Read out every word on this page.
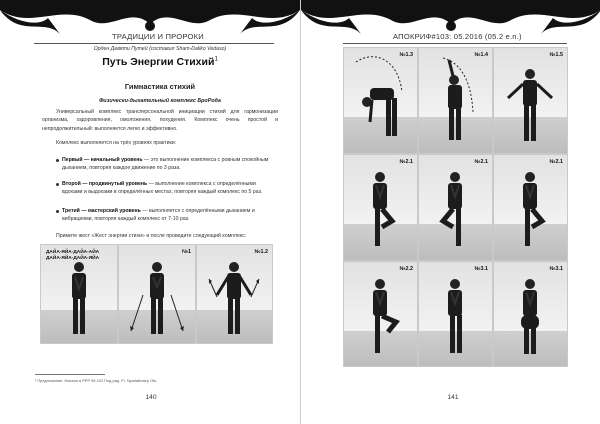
ТРАДИЦИИ И ПРОРОКИ
Орден Девяти Путей (составил Sham-Daliko Vedaso)
Путь Энергии Стихий$^1$
Гимнастика стихий
Физически-дыхательный комплекс БроРода
Универсальный комплекс трансперсональной инициации стихий для гармонизации организма, оздоровления, омоложения, похудения. Комплекс очень простой и непродолжительный: выполняется легко и эффективно.
Комплекс выполняется на трёх уровнях практики:
Первый — начальный уровень — это выполнение комплекса с ровным спокойным дыханием, повторяя каждое движение по 3 раза.
Второй — продвинутый уровень — выполнение комплекса с определёнными вдохами и выдохами в определённых местах, повторяя каждый комплекс по 5 раз.
Третий — мастерский уровень — выполняется с определёнными дыханием и вибрациями, повторяя каждый комплекс от 7-10 раз.
Примите жест «Жест энергии стихи» и после проведите следующий комплекс:
ДАЙА-ЯЙА-ДАЙА-АЙА
ДАЙА-ЯЙА-ДАЙА-ЯЙА
№1	№1.2
¹ Предложение. Начало в PPP 99-102 Под ред. Fr. Nyarlathotep Ofs.
140
АПОКРИФ#103: 05.2016 (05.2 e.n.)
№1.3	№1.4	№1.5
№2.1	№2.1	№2.1
№2.2	№3.1	№3.1
141
